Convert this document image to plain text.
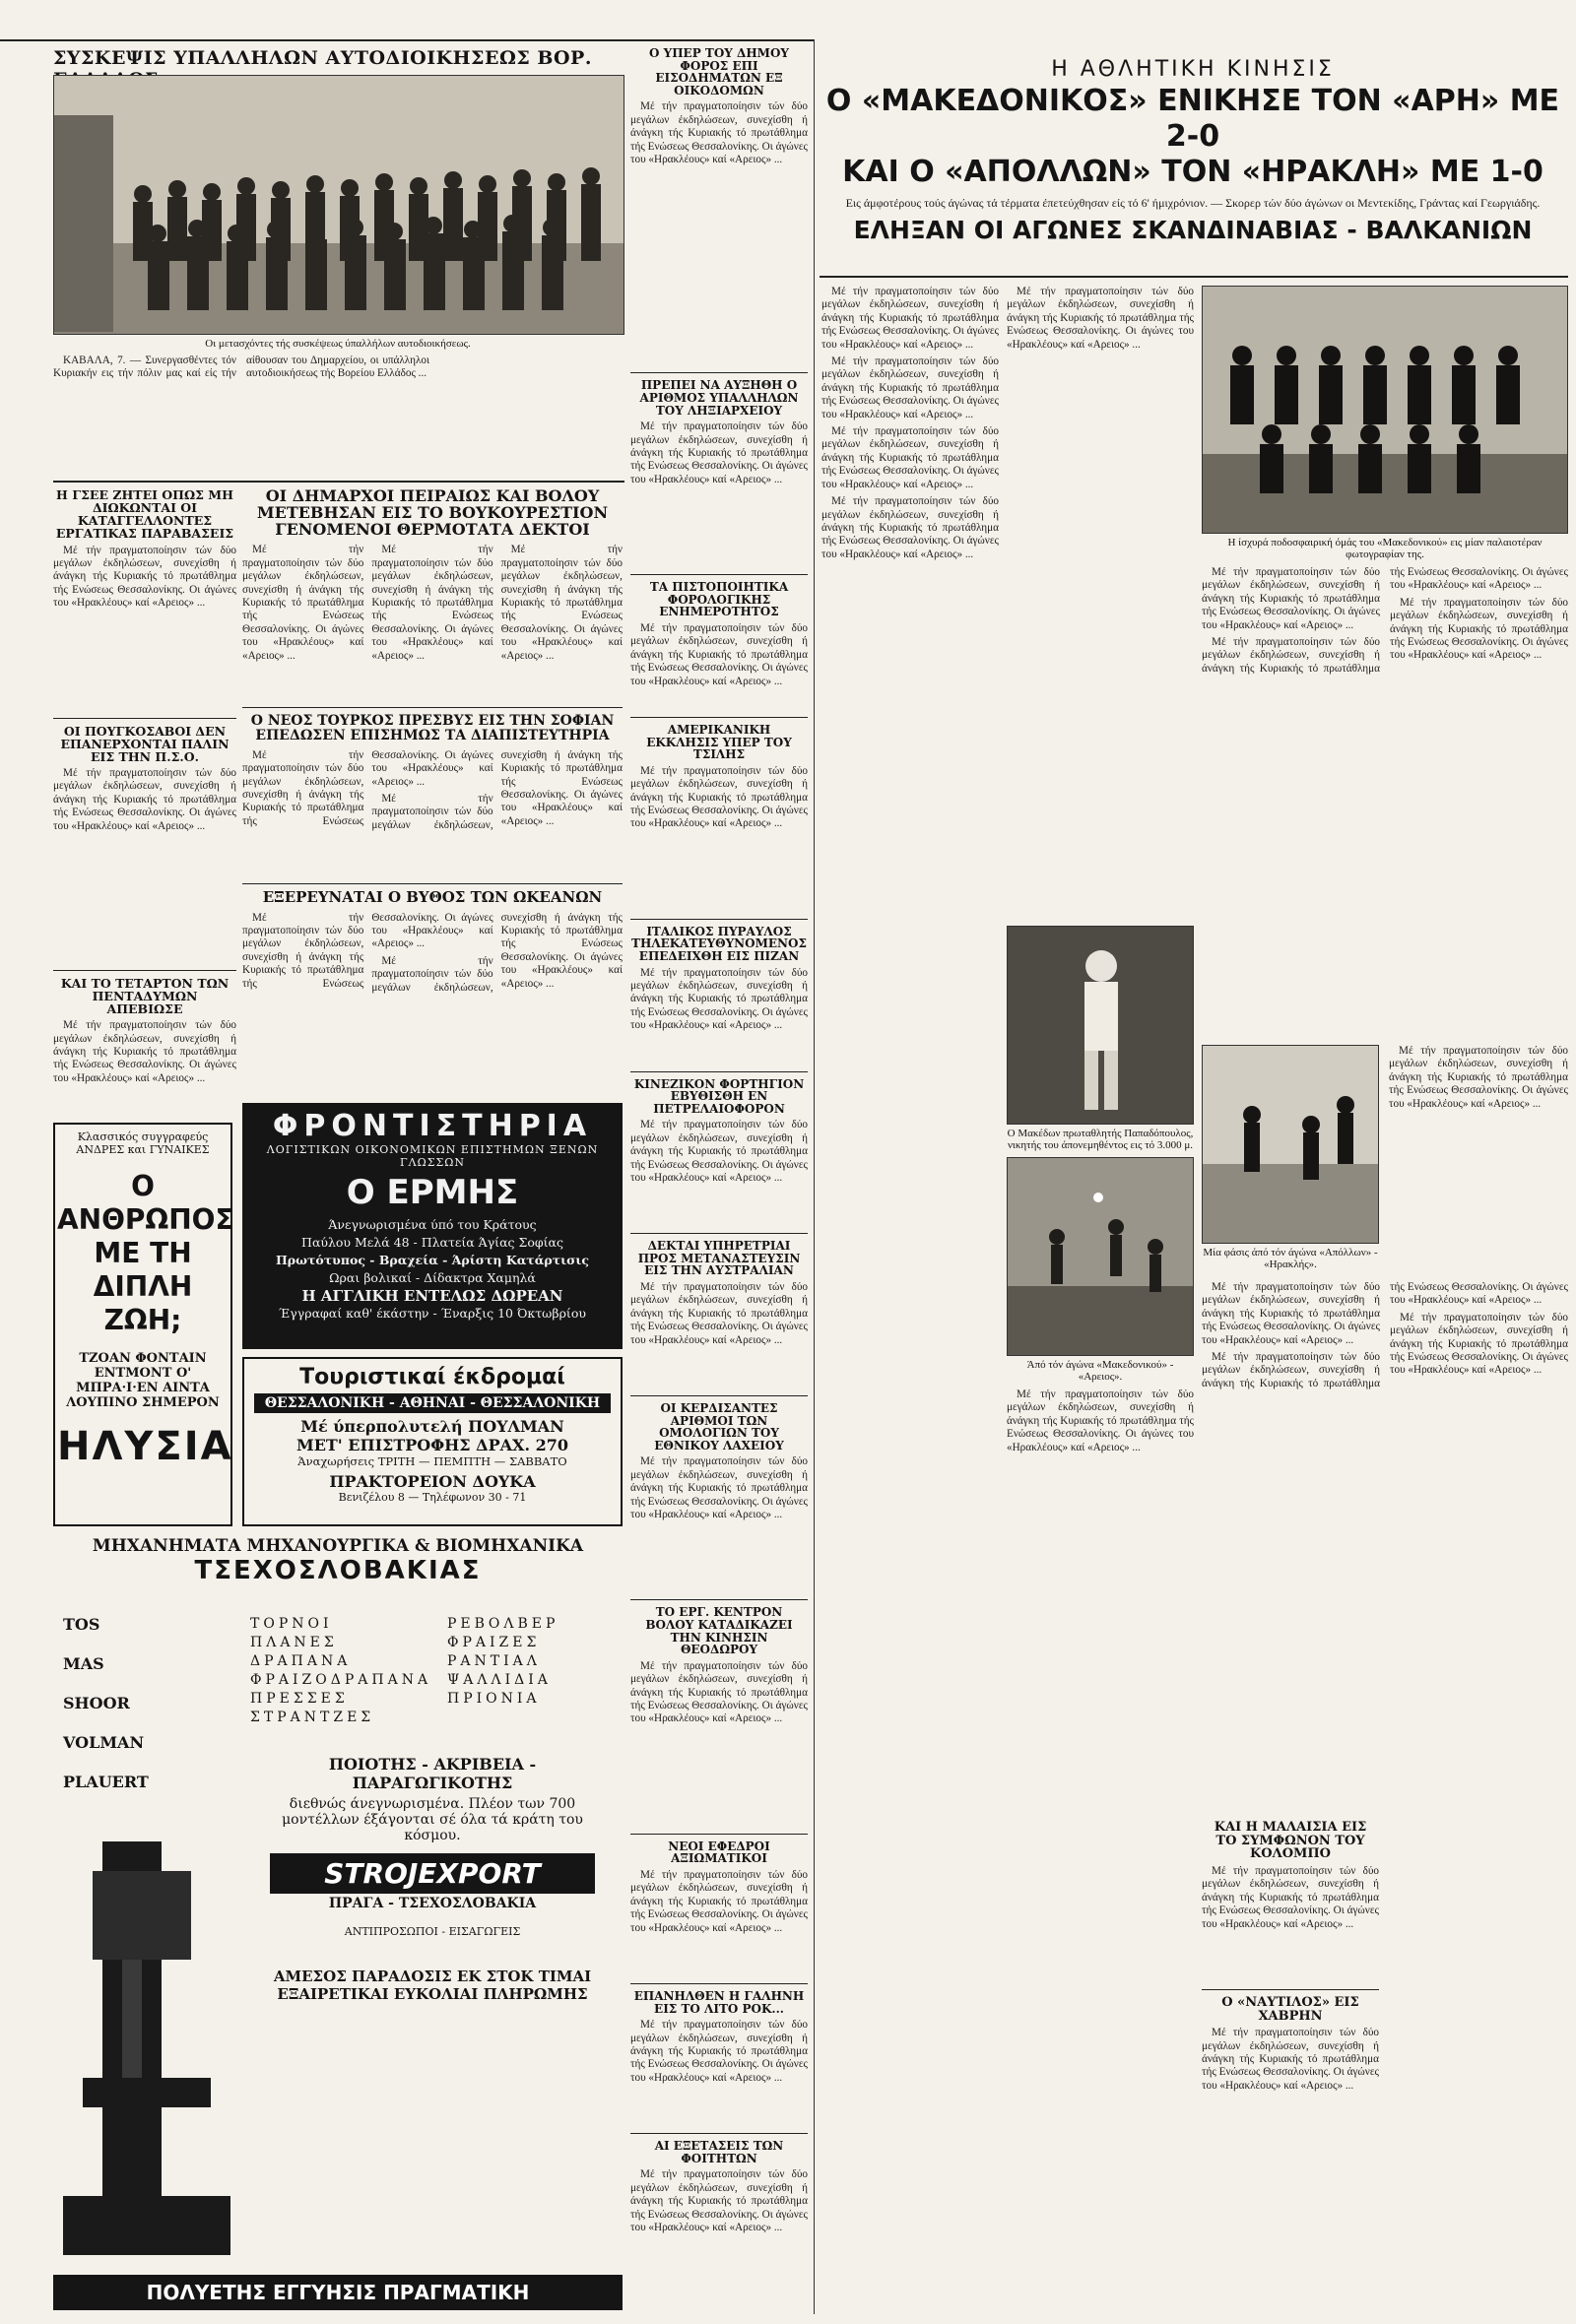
ΣΥΣΚΕΨΙΣ ΥΠΑΛΛΗΛΩΝ ΑΥΤΟΔΙΟΙΚΗΣΕΩΣ ΒΟΡ.
Οι μετασχόντες τής συσκέψεως ύπαλλήλων αυτοδιοικήσεως.

ΚΑΒΑΛΑ, 7. — Συνεργασθέντες τόν Κυριακήν εις τήν πόλιν μας καί είς τήν αίθουσαν του Δημαρχείου, οι υπάλληλοι αυτοδιοικήσεως τής Βορείου Ελλάδος ...

Η ΓΣΕΕ ΖΗΤΕΙ ΟΠΩΣ ΜΗ ΔΙΩΚΩΝΤΑΙ ΟΙ ΚΑΤΑΓΓΕΛΛΟΝΤΕΣ ΕΡΓΑΤΙΚΑΣ ΠΑΡΑΒΑΣΕΙΣ

Μέ τήν πραγματοποίησιν τών δύο μεγάλων έκδηλώσεων, συνεχίσθη ή άνάγκη τής Κυριακής τό πρωτάθλημα τής Ενώσεως Θεσσαλονίκης. Οι άγώνες του «Ηρακλέους» καί «Αρειος» ...

ΟΙ ΠΟΥΓΚΟΣΑΒΟΙ ΔΕΝ ΕΠΑΝΕΡΧΟΝΤΑΙ ΠΑΛΙΝ ΕΙΣ ΤΗΝ Π.Σ.Ο.

Μέ τήν πραγματοποίησιν τών δύο μεγάλων έκδηλώσεων, συνεχίσθη ή άνάγκη τής Κυριακής τό πρωτάθλημα τής Ενώσεως Θεσσαλονίκης. Οι άγώνες του «Ηρακλέους» καί «Αρειος» ...

ΚΑΙ ΤΟ ΤΕΤΑΡΤΟΝ ΤΩΝ ΠΕΝΤΑΔΥΜΩΝ ΑΠΕΒΙΩΣΕ

Μέ τήν πραγματοποίησιν τών δύο μεγάλων έκδηλώσεων, συνεχίσθη ή άνάγκη τής Κυριακής τό πρωτάθλημα τής Ενώσεως Θεσσαλονίκης. Οι άγώνες του «Ηρακλέους» καί «Αρειος» ...

ΟΙ ΔΗΜΑΡΧΟΙ ΠΕΙΡΑΙΩΣ ΚΑΙ ΒΟΛΟΥ ΜΕΤΕΒΗΣΑΝ ΕΙΣ ΤΟ ΒΟΥΚΟΥΡΕΣΤΙΟΝ ΓΕΝΟΜΕΝΟΙ ΘΕΡΜΟΤΑΤΑ ΔΕΚΤΟΙ

Μέ τήν πραγματοποίησιν τών δύο μεγάλων έκδηλώσεων, συνεχίσθη ή άνάγκη τής Κυριακής τό πρωτάθλημα τής Ενώσεως Θεσσαλονίκης. Οι άγώνες του «Ηρακλέους» καί «Αρειος» ...

Μέ τήν πραγματοποίησιν τών δύο μεγάλων έκδηλώσεων, συνεχίσθη ή άνάγκη τής Κυριακής τό πρωτάθλημα τής Ενώσεως Θεσσαλονίκης. Οι άγώνες του «Ηρακλέους» καί «Αρειος» ...

Μέ τήν πραγματοποίησιν τών δύο μεγάλων έκδηλώσεων, συνεχίσθη ή άνάγκη τής Κυριακής τό πρωτάθλημα τής Ενώσεως Θεσσαλονίκης. Οι άγώνες του «Ηρακλέους» καί «Αρειος» ...

Ο ΝΕΟΣ ΤΟΥΡΚΟΣ ΠΡΕΣΒΥΣ ΕΙΣ ΤΗΝ ΣΟΦΙΑΝ ΕΠΕΔΩΣΕΝ ΕΠΙΣΗΜΩΣ ΤΑ ΔΙΑΠΙΣΤΕΥΤΗΡΙΑ

Μέ τήν πραγματοποίησιν τών δύο μεγάλων έκδηλώσεων, συνεχίσθη ή άνάγκη τής Κυριακής τό πρωτάθλημα τής Ενώσεως Θεσσαλονίκης. Οι άγώνες του «Ηρακλέους» καί «Αρειος» ...

Μέ τήν πραγματοποίησιν τών δύο μεγάλων έκδηλώσεων, συνεχίσθη ή άνάγκη τής Κυριακής τό πρωτάθλημα τής Ενώσεως Θεσσαλονίκης. Οι άγώνες του «Ηρακλέους» καί «Αρειος» ...

ΕΞΕΡΕΥΝΑΤΑΙ Ο ΒΥΘΟΣ ΤΩΝ ΩΚΕΑΝΩΝ

Μέ τήν πραγματοποίησιν τών δύο μεγάλων έκδηλώσεων, συνεχίσθη ή άνάγκη τής Κυριακής τό πρωτάθλημα τής Ενώσεως Θεσσαλονίκης. Οι άγώνες του «Ηρακλέους» καί «Αρειος» ...

Μέ τήν πραγματοποίησιν τών δύο μεγάλων έκδηλώσεων, συνεχίσθη ή άνάγκη τής Κυριακής τό πρωτάθλημα τής Ενώσεως Θεσσαλονίκης. Οι άγώνες του «Ηρακλέους» καί «Αρειος» ...

Κλασσικός συγγραφεύς ΑΝΔΡΕΣ και ΓΥΝΑΙΚΕΣ
Ο ΑΝΘΡΩΠΟΣ ΜΕ ΤΗ ΔΙΠΛΗ ΖΩΗ;
ΤΖΟΑΝ ΦΟΝΤΑΙΝ ΕΝΤΜΟΝΤ Ο' ΜΠΡΑ·Ι·ΕΝ ΑΙΝΤΑ ΛΟΥΠΙΝΟ ΣΗΜΕΡΟΝ
ΗΛΥΣΙΑ
ΦΡΟΝΤΙΣΤΗΡΙΑ
ΛΟΓΙΣΤΙΚΩΝ ΟΙΚΟΝΟΜΙΚΩΝ ΕΠΙΣΤΗΜΩΝ ΞΕΝΩΝ ΓΛΩΣΣΩΝ
Ο ΕΡΜΗΣ
Άνεγνωρισμένα ύπό του Κράτους
Παύλου Μελά 48 - Πλατεία Άγίας Σοφίας
Πρωτότυπος - Βραχεία - Άρίστη Κατάρτισις
Ωραι βολικαί - Δίδακτρα Χαμηλά
Η ΑΓΓΛΙΚΗ ΕΝΤΕΛΩΣ ΔΩΡΕΑΝ
Έγγραφαί καθ' έκάστην - Έναρξις 10 Όκτωβρίου
Τουριστικαί έκδρομαί
ΘΕΣΣΑΛΟΝΙΚΗ - ΑΘΗΝΑΙ - ΘΕΣΣΑΛΟΝΙΚΗ
Μέ ύπερπολυτελή ΠΟΥΛΜΑΝ
ΜΕΤ' ΕΠΙΣΤΡΟΦΗΣ ΔΡΑΧ. 270
Άναχωρήσεις ΤΡΙΤΗ — ΠΕΜΠΤΗ — ΣΑΒΒΑΤΟ
ΠΡΑΚΤΟΡΕΙΟΝ ΔΟΥΚΑ
Βενιζέλου 8 — Τηλέφωνον 30 - 71
ΜΗΧΑΝΗΜΑΤΑ ΜΗΧΑΝΟΥΡΓΙΚΑ & ΒΙΟΜΗΧΑΝΙΚΑ
ΤΣΕΧΟΣΛΟΒΑΚΙΑΣ
TOS
MAS
SHOOR
VOLMAN
PLAUERT
ΤΟΡΝΟΙ
ΠΛΑΝΕΣ
ΔΡΑΠΑΝΑ
ΦΡΑΙΖΟΔΡΑΠΑΝΑ
ΠΡΕΣΣΕΣ
ΣΤΡΑΝΤΖΕΣ
ΡΕΒΟΛΒΕΡ
ΦΡΑΙΖΕΣ
ΡΑΝΤΙΑΛ
ΨΑΛΛΙΔΙΑ
ΠΡΙΟΝΙΑ
ΠΟΙΟΤΗΣ - ΑΚΡΙΒΕΙΑ - ΠΑΡΑΓΩΓΙΚΟΤΗΣ
διεθνώς άνεγνωρισμένα. Πλέον των 700 μοντέλλων έξάγονται σέ όλα τά κράτη του κόσμου.
STROJEXPORT
ΠΡΑΓΑ - ΤΣΕΧΟΣΛΟΒΑΚΙΑ
ΑΝΤΙΠΡΟΣΩΠΟΙ - ΕΙΣΑΓΩΓΕΙΣ
ΑΜΕΣΟΣ ΠΑΡΑΔΟΣΙΣ ΕΚ ΣΤΟΚ ΤΙΜΑΙ ΕΞΑΙΡΕΤΙΚΑΙ ΕΥΚΟΛΙΑΙ ΠΛΗΡΩΜΗΣ
ΠΟΛΥΕΤΗΣ ΕΓΓΥΗΣΙΣ ΠΡΑΓΜΑΤΙΚΗ
Ο ΥΠΕΡ ΤΟΥ ΔΗΜΟΥ ΦΟΡΟΣ ΕΠΙ ΕΙΣΟΔΗΜΑΤΩΝ ΕΞ ΟΙΚΟΔΟΜΩΝ

Μέ τήν πραγματοποίησιν τών δύο μεγάλων έκδηλώσεων, συνεχίσθη ή άνάγκη τής Κυριακής τό πρωτάθλημα τής Ενώσεως Θεσσαλονίκης. Οι άγώνες του «Ηρακλέους» καί «Αρειος» ...

ΠΡΕΠΕΙ ΝΑ ΑΥΞΗΘΗ Ο ΑΡΙΘΜΟΣ ΥΠΑΛΛΗΛΩΝ ΤΟΥ ΛΗΞΙΑΡΧΕΙΟΥ

Μέ τήν πραγματοποίησιν τών δύο μεγάλων έκδηλώσεων, συνεχίσθη ή άνάγκη τής Κυριακής τό πρωτάθλημα τής Ενώσεως Θεσσαλονίκης. Οι άγώνες του «Ηρακλέους» καί «Αρειος» ...

ΤΑ ΠΙΣΤΟΠΟΙΗΤΙΚΑ ΦΟΡΟΛΟΓΙΚΗΣ ΕΝΗΜΕΡΟΤΗΤΟΣ

Μέ τήν πραγματοποίησιν τών δύο μεγάλων έκδηλώσεων, συνεχίσθη ή άνάγκη τής Κυριακής τό πρωτάθλημα τής Ενώσεως Θεσσαλονίκης. Οι άγώνες του «Ηρακλέους» καί «Αρειος» ...

ΑΜΕΡΙΚΑΝΙΚΗ ΕΚΚΛΗΣΙΣ ΥΠΕΡ ΤΟΥ ΤΣΙΛΗΣ

Μέ τήν πραγματοποίησιν τών δύο μεγάλων έκδηλώσεων, συνεχίσθη ή άνάγκη τής Κυριακής τό πρωτάθλημα τής Ενώσεως Θεσσαλονίκης. Οι άγώνες του «Ηρακλέους» καί «Αρειος» ...

ΙΤΑΛΙΚΟΣ ΠΥΡΑΥΛΟΣ ΤΗΛΕΚΑΤΕΥΘΥΝΟΜΕΝΟΣ ΕΠΕΔΕΙΧΘΗ ΕΙΣ ΠΙΖΑΝ

Μέ τήν πραγματοποίησιν τών δύο μεγάλων έκδηλώσεων, συνεχίσθη ή άνάγκη τής Κυριακής τό πρωτάθλημα τής Ενώσεως Θεσσαλονίκης. Οι άγώνες του «Ηρακλέους» καί «Αρειος» ...

ΚΙΝΕΖΙΚΟΝ ΦΟΡΤΗΓΙΟΝ ΕΒΥΘΙΣΘΗ ΕΝ ΠΕΤΡΕΛΑΙΟΦΟΡΟΝ

Μέ τήν πραγματοποίησιν τών δύο μεγάλων έκδηλώσεων, συνεχίσθη ή άνάγκη τής Κυριακής τό πρωτάθλημα τής Ενώσεως Θεσσαλονίκης. Οι άγώνες του «Ηρακλέους» καί «Αρειος» ...

ΔΕΚΤΑΙ ΥΠΗΡΕΤΡΙΑΙ ΠΡΟΣ ΜΕΤΑΝΑΣΤΕΥΣΙΝ ΕΙΣ ΤΗΝ ΑΥΣΤΡΑΛΙΑΝ

Μέ τήν πραγματοποίησιν τών δύο μεγάλων έκδηλώσεων, συνεχίσθη ή άνάγκη τής Κυριακής τό πρωτάθλημα τής Ενώσεως Θεσσαλονίκης. Οι άγώνες του «Ηρακλέους» καί «Αρειος» ...

ΟΙ ΚΕΡΔΙΣΑΝΤΕΣ ΑΡΙΘΜΟΙ ΤΩΝ ΟΜΟΛΟΓΙΩΝ ΤΟΥ ΕΘΝΙΚΟΥ ΛΑΧΕΙΟΥ

Μέ τήν πραγματοποίησιν τών δύο μεγάλων έκδηλώσεων, συνεχίσθη ή άνάγκη τής Κυριακής τό πρωτάθλημα τής Ενώσεως Θεσσαλονίκης. Οι άγώνες του «Ηρακλέους» καί «Αρειος» ...

ΤΟ ΕΡΓ. ΚΕΝΤΡΟΝ ΒΟΛΟΥ ΚΑΤΑΔΙΚΑΖΕΙ ΤΗΝ ΚΙΝΗΣΙΝ ΘΕΟΔΩΡΟΥ

Μέ τήν πραγματοποίησιν τών δύο μεγάλων έκδηλώσεων, συνεχίσθη ή άνάγκη τής Κυριακής τό πρωτάθλημα τής Ενώσεως Θεσσαλονίκης. Οι άγώνες του «Ηρακλέους» καί «Αρειος» ...

ΝΕΟΙ ΕΦΕΔΡΟΙ ΑΞΙΩΜΑΤΙΚΟΙ

Μέ τήν πραγματοποίησιν τών δύο μεγάλων έκδηλώσεων, συνεχίσθη ή άνάγκη τής Κυριακής τό πρωτάθλημα τής Ενώσεως Θεσσαλονίκης. Οι άγώνες του «Ηρακλέους» καί «Αρειος» ...

ΕΠΑΝΗΛΘΕΝ Η ΓΑΛΗΝΗ ΕΙΣ ΤΟ ΛΙΤΟ ΡΟΚ...

Μέ τήν πραγματοποίησιν τών δύο μεγάλων έκδηλώσεων, συνεχίσθη ή άνάγκη τής Κυριακής τό πρωτάθλημα τής Ενώσεως Θεσσαλονίκης. Οι άγώνες του «Ηρακλέους» καί «Αρειος» ...

ΑΙ ΕΞΕΤΑΣΕΙΣ ΤΩΝ ΦΟΙΤΗΤΩΝ

Μέ τήν πραγματοποίησιν τών δύο μεγάλων έκδηλώσεων, συνεχίσθη ή άνάγκη τής Κυριακής τό πρωτάθλημα τής Ενώσεως Θεσσαλονίκης. Οι άγώνες του «Ηρακλέους» καί «Αρειος» ...

Η ΑΘΛΗΤΙΚΗ ΚΙΝΗΣΙΣ
Ο «ΜΑΚΕΔΟΝΙΚΟΣ» ΕΝΙΚΗΣΕ ΤΟΝ «ΑΡΗ» ΜΕ 2-0
ΚΑΙ Ο «ΑΠΟΛΛΩΝ» ΤΟΝ «ΗΡΑΚΛΗ» ΜΕ 1-0
Εις άμφοτέρους τούς άγώνας τά τέρματα έπετεύχθησαν είς τό 6' ήμιχρόνιον. — Σκορερ τών δύο άγώνων οι Μεντεκίδης, Γράντας καί Γεωργιάδης.
ΕΛΗΞΑΝ ΟΙ ΑΓΩΝΕΣ ΣΚΑΝΔΙΝΑΒΙΑΣ - ΒΑΛΚΑΝΙΩΝ

Μέ τήν πραγματοποίησιν τών δύο μεγάλων έκδηλώσεων, συνεχίσθη ή άνάγκη τής Κυριακής τό πρωτάθλημα τής Ενώσεως Θεσσαλονίκης. Οι άγώνες του «Ηρακλέους» καί «Αρειος» ...

Μέ τήν πραγματοποίησιν τών δύο μεγάλων έκδηλώσεων, συνεχίσθη ή άνάγκη τής Κυριακής τό πρωτάθλημα τής Ενώσεως Θεσσαλονίκης. Οι άγώνες του «Ηρακλέους» καί «Αρειος» ...

Μέ τήν πραγματοποίησιν τών δύο μεγάλων έκδηλώσεων, συνεχίσθη ή άνάγκη τής Κυριακής τό πρωτάθλημα τής Ενώσεως Θεσσαλονίκης. Οι άγώνες του «Ηρακλέους» καί «Αρειος» ...

Μέ τήν πραγματοποίησιν τών δύο μεγάλων έκδηλώσεων, συνεχίσθη ή άνάγκη τής Κυριακής τό πρωτάθλημα τής Ενώσεως Θεσσαλονίκης. Οι άγώνες του «Ηρακλέους» καί «Αρειος» ...

Μέ τήν πραγματοποίησιν τών δύο μεγάλων έκδηλώσεων, συνεχίσθη ή άνάγκη τής Κυριακής τό πρωτάθλημα τής Ενώσεως Θεσσαλονίκης. Οι άγώνες του «Ηρακλέους» καί «Αρειος» ...

Ο Μακέδων πρωταθλητής Παπαδόπουλος, νικητής του άπονεμηθέντος εις τό 3.000 μ.
Άπό τόν άγώνα «Μακεδονικού» - «Αρειος».

Μέ τήν πραγματοποίησιν τών δύο μεγάλων έκδηλώσεων, συνεχίσθη ή άνάγκη τής Κυριακής τό πρωτάθλημα τής Ενώσεως Θεσσαλονίκης. Οι άγώνες του «Ηρακλέους» καί «Αρειος» ...

Η ίσχυρά ποδοσφαιρική όμάς του «Μακεδονικού» εις μίαν παλαιοτέραν φωτογραφίαν της.

Μέ τήν πραγματοποίησιν τών δύο μεγάλων έκδηλώσεων, συνεχίσθη ή άνάγκη τής Κυριακής τό πρωτάθλημα τής Ενώσεως Θεσσαλονίκης. Οι άγώνες του «Ηρακλέους» καί «Αρειος» ...

Μέ τήν πραγματοποίησιν τών δύο μεγάλων έκδηλώσεων, συνεχίσθη ή άνάγκη τής Κυριακής τό πρωτάθλημα τής Ενώσεως Θεσσαλονίκης. Οι άγώνες του «Ηρακλέους» καί «Αρειος» ...

Μέ τήν πραγματοποίησιν τών δύο μεγάλων έκδηλώσεων, συνεχίσθη ή άνάγκη τής Κυριακής τό πρωτάθλημα τής Ενώσεως Θεσσαλονίκης. Οι άγώνες του «Ηρακλέους» καί «Αρειος» ...

Μία φάσις άπό τόν άγώνα «Απόλλων» - «Ηρακλής».

Μέ τήν πραγματοποίησιν τών δύο μεγάλων έκδηλώσεων, συνεχίσθη ή άνάγκη τής Κυριακής τό πρωτάθλημα τής Ενώσεως Θεσσαλονίκης. Οι άγώνες του «Ηρακλέους» καί «Αρειος» ...

Μέ τήν πραγματοποίησιν τών δύο μεγάλων έκδηλώσεων, συνεχίσθη ή άνάγκη τής Κυριακής τό πρωτάθλημα τής Ενώσεως Θεσσαλονίκης. Οι άγώνες του «Ηρακλέους» καί «Αρειος» ...

Μέ τήν πραγματοποίησιν τών δύο μεγάλων έκδηλώσεων, συνεχίσθη ή άνάγκη τής Κυριακής τό πρωτάθλημα τής Ενώσεως Θεσσαλονίκης. Οι άγώνες του «Ηρακλέους» καί «Αρειος» ...

Μέ τήν πραγματοποίησιν τών δύο μεγάλων έκδηλώσεων, συνεχίσθη ή άνάγκη τής Κυριακής τό πρωτάθλημα τής Ενώσεως Θεσσαλονίκης. Οι άγώνες του «Ηρακλέους» καί «Αρειος» ...

ΚΑΙ Η ΜΑΛΑΙΣΙΑ ΕΙΣ ΤΟ ΣΥΜΦΩΝΟΝ ΤΟΥ ΚΟΛΟΜΠΟ

Μέ τήν πραγματοποίησιν τών δύο μεγάλων έκδηλώσεων, συνεχίσθη ή άνάγκη τής Κυριακής τό πρωτάθλημα τής Ενώσεως Θεσσαλονίκης. Οι άγώνες του «Ηρακλέους» καί «Αρειος» ...

Ο «ΝΑΥΤΙΛΟΣ» ΕΙΣ ΧΑΒΡΗΝ

Μέ τήν πραγματοποίησιν τών δύο μεγάλων έκδηλώσεων, συνεχίσθη ή άνάγκη τής Κυριακής τό πρωτάθλημα τής Ενώσεως Θεσσαλονίκης. Οι άγώνες του «Ηρακλέους» καί «Αρειος» ...
